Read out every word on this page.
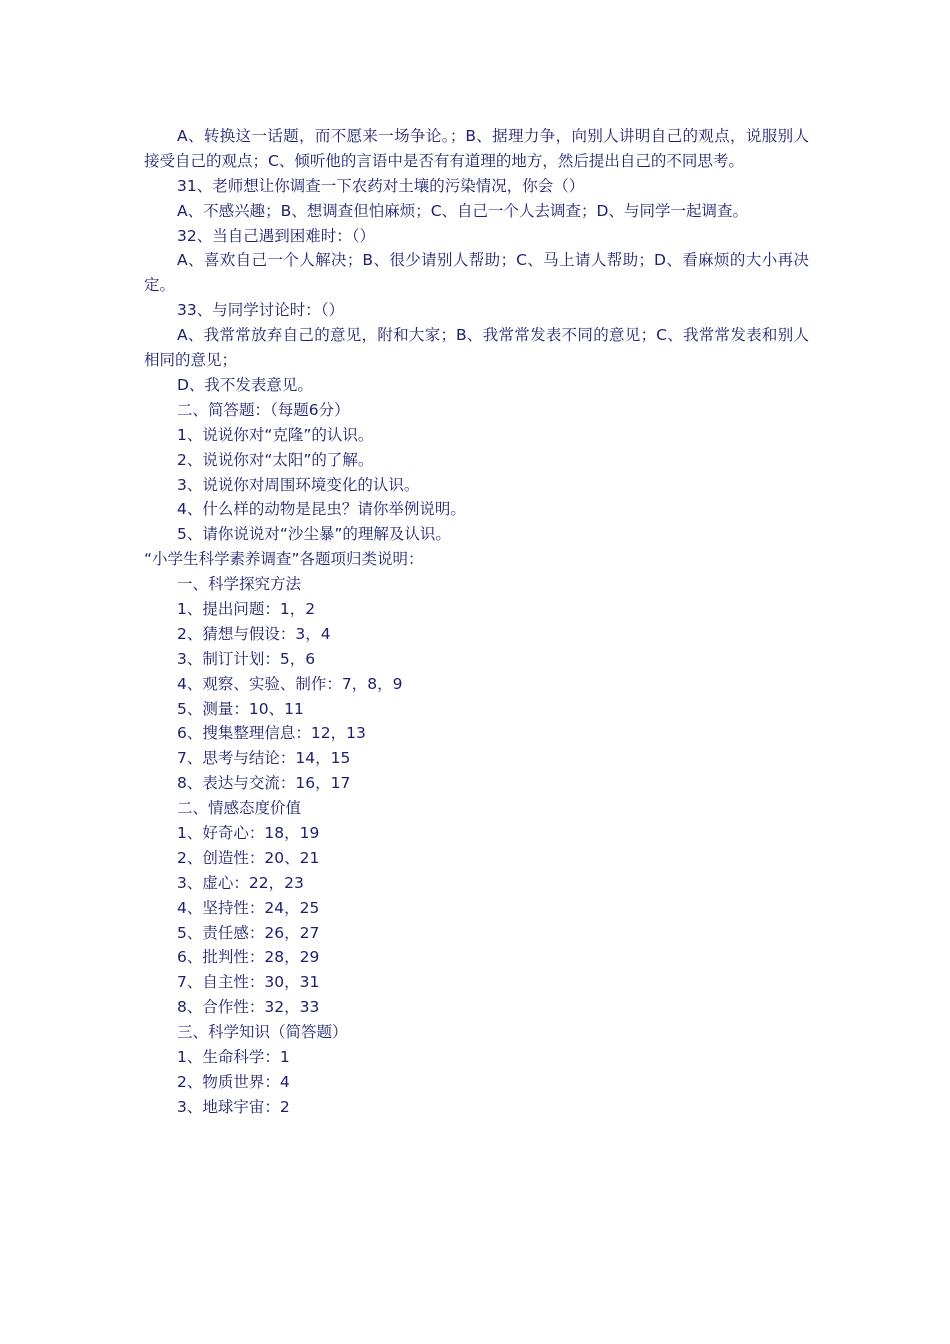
A、转换这一话题，而不愿来一场争论。；B、据理力争，向别人讲明自己的观点，说服别人接受自己的观点；C、倾听他的言语中是否有有道理的地方，然后提出自己的不同思考。
31、老师想让你调查一下农药对土壤的污染情况，你会（）
A、不感兴趣；B、想调查但怕麻烦；C、自己一个人去调查；D、与同学一起调查。
32、当自己遇到困难时：（）
A、喜欢自己一个人解决；B、很少请别人帮助；C、马上请人帮助；D、看麻烦的大小再决定。
33、与同学讨论时：（）
A、我常常放弃自己的意见，附和大家；B、我常常发表不同的意见；C、我常常发表和别人相同的意见；
D、我不发表意见。
二、简答题：（每题6分）
1、说说你对“克隆”的认识。
2、说说你对“太阳”的了解。
3、说说你对周围环境变化的认识。
4、什么样的动物是昆虫？请你举例说明。
5、请你说说对“沙尘暴”的理解及认识。
“小学生科学素养调查”各题项归类说明：
一、科学探究方法
1、提出问题：1，2
2、猜想与假设：3，4
3、制订计划：5，6
4、观察、实验、制作：7，8，9
5、测量：10、11
6、搜集整理信息：12，13
7、思考与结论：14，15
8、表达与交流：16，17
二、情感态度价值
1、好奇心：18，19
2、创造性：20、21
3、虚心：22，23
4、坚持性：24，25
5、责任感：26，27
6、批判性：28，29
7、自主性：30，31
8、合作性：32，33
三、科学知识（简答题）
1、生命科学：1
2、物质世界：4
3、地球宇宙：2
